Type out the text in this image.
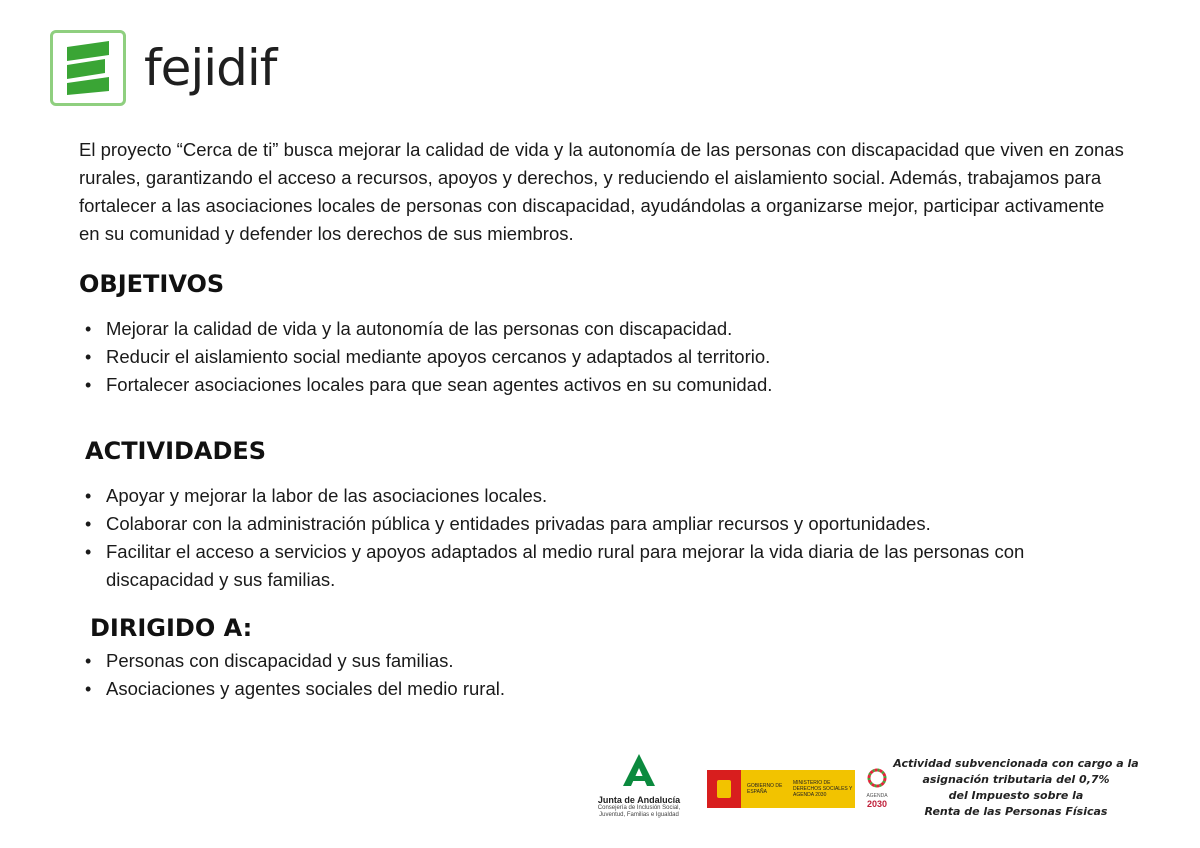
fejidif

El proyecto “Cerca de ti” busca mejorar la calidad de vida y la autonomía de las personas con discapacidad que viven en zonas rurales, garantizando el acceso a recursos, apoyos y derechos, y reduciendo el aislamiento social. Además, trabajamos para fortalecer a las asociaciones locales de personas con discapacidad, ayudándolas a organizarse mejor, participar activamente en su comunidad y defender los derechos de sus miembros.

OBJETIVOS
• Mejorar la calidad de vida y la autonomía de las personas con discapacidad.
• Reducir el aislamiento social mediante apoyos cercanos y adaptados al territorio.
• Fortalecer asociaciones locales para que sean agentes activos en su comunidad.
ACTIVIDADES
• Apoyar y mejorar la labor de las asociaciones locales.
• Colaborar con la administración pública y entidades privadas para ampliar recursos y oportunidades.
• Facilitar el acceso a servicios y apoyos adaptados al medio rural para mejorar la vida diaria de las personas con discapacidad y sus familias.
DIRIGIDO A:
• Personas con discapacidad y sus familias.
• Asociaciones y agentes sociales del medio rural.
Junta de Andalucía
Consejería de Inclusión Social,
Juventud, Familias e Igualdad
GOBIERNO DE ESPAÑA
MINISTERIO DE DERECHOS SOCIALES Y AGENDA 2030	AGENDA
2030
Actividad subvencionada con cargo a la
asignación tributaria del 0,7%
del Impuesto sobre la
Renta de las Personas Físicas
